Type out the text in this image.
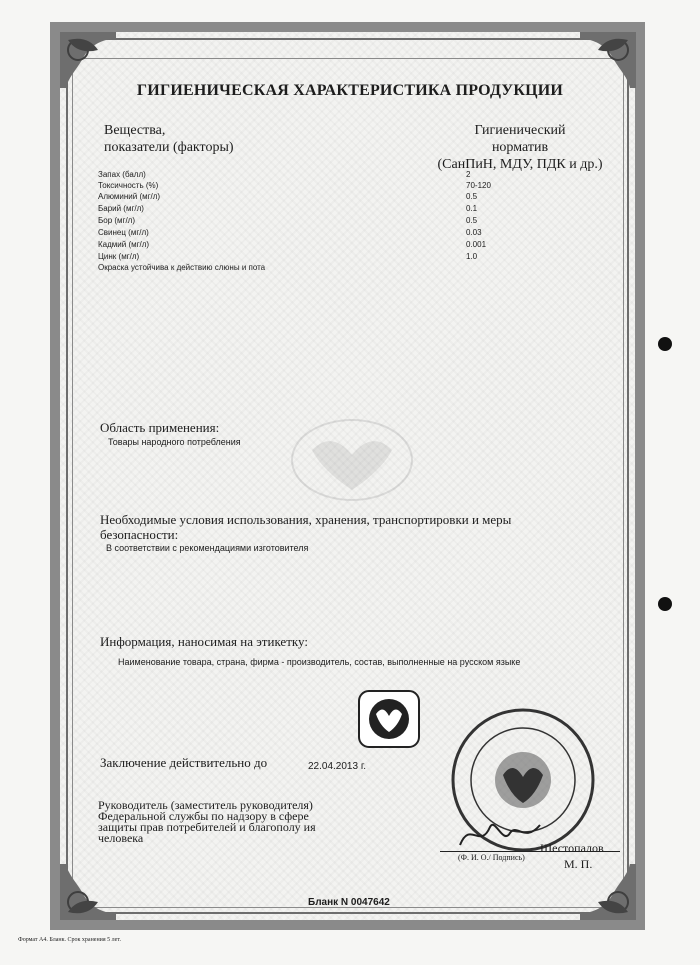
ГИГИЕНИЧЕСКАЯ ХАРАКТЕРИСТИКА ПРОДУКЦИИ
Вещества,
показатели (факторы)
Гигиенический
норматив
(СанПиН, МДУ, ПДК и др.)
Запах (балл)	2
Токсичность (%)	70-120
Алюминий (мг/л)	0.5
Барий (мг/л)	0.1
Бор (мг/л)	0.5
Свинец (мг/л)	0.03
Кадмий (мг/л)	0.001
Цинк (мг/л)	1.0
Окраска устойчива к действию слюны и пота
Область применения:
Товары народного потребления
Необходимые условия использования, хранения, транспортировки и меры
безопасности:
В соответствии с рекомендациями изготовителя
Информация, наносимая на этикетку:
Наименование товара, страна, фирма - производитель, состав, выполненные на русском языке
Заключение действительно до	22.04.2013 г.
Руководитель (заместитель руководителя)
Федеральной службы по надзору в сфере
защиты прав потребителей и благополу ия
человека
Шестопалов
(Ф. И. О./ Подпись)	М. П.
Бланк N 0047642
Формат А4. Бланк. Срок хранения 5 лет.
